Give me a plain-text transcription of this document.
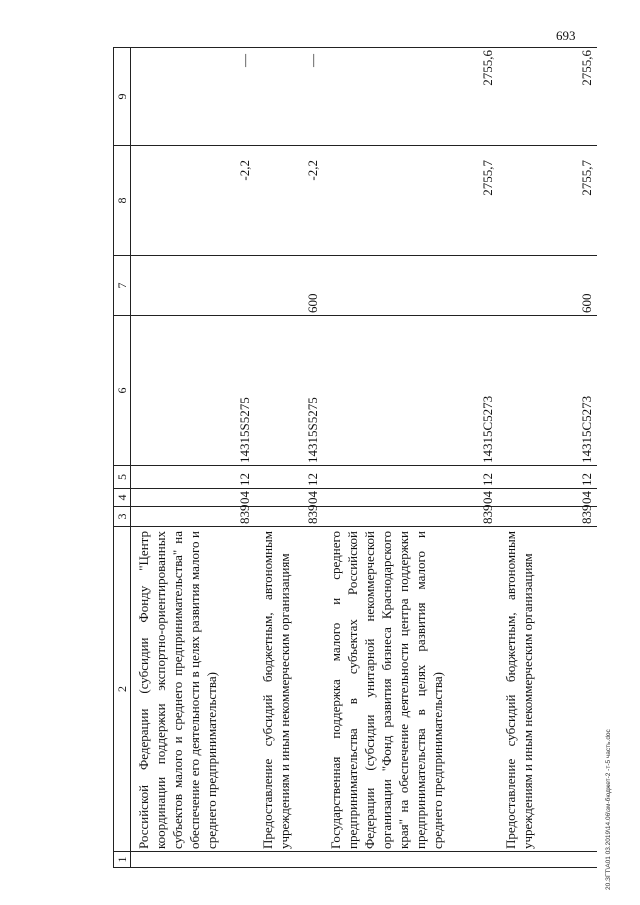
693
20.ЗГТ\А01 03.2019\14.06\зм-бюджет-2 -т-5 часть.doc
1	2	3	4	5	6	7	8	9
	Российской Федерации (субсидии Фонду "Центр координации поддержки экспортно-ориентированных субъектов малого и среднего предпринимательства" на обеспечение его деятельности в целях развития малого и среднего предпринимательства)	839	04	12	14315S5275		-2,2	—
	Предоставление субсидий бюджетным, автономным учреждениям и иным некоммерческим организациям	839	04	12	14315S5275	600	-2,2	—
	Государственная поддержка малого и среднего предпринимательства в субъектах Российской Федерации (субсидии унитарной некоммерческой организации "Фонд развития бизнеса Краснодарского края" на обеспечение деятельности центра поддержки предпринимательства в целях развития малого и среднего предпринимательства)	839	04	12	14315С5273		2755,7	2755,6
	Предоставление субсидий бюджетным, автономным учреждениям и иным некоммерческим организациям	839	04	12	14315С5273	600	2755,7	2755,6
